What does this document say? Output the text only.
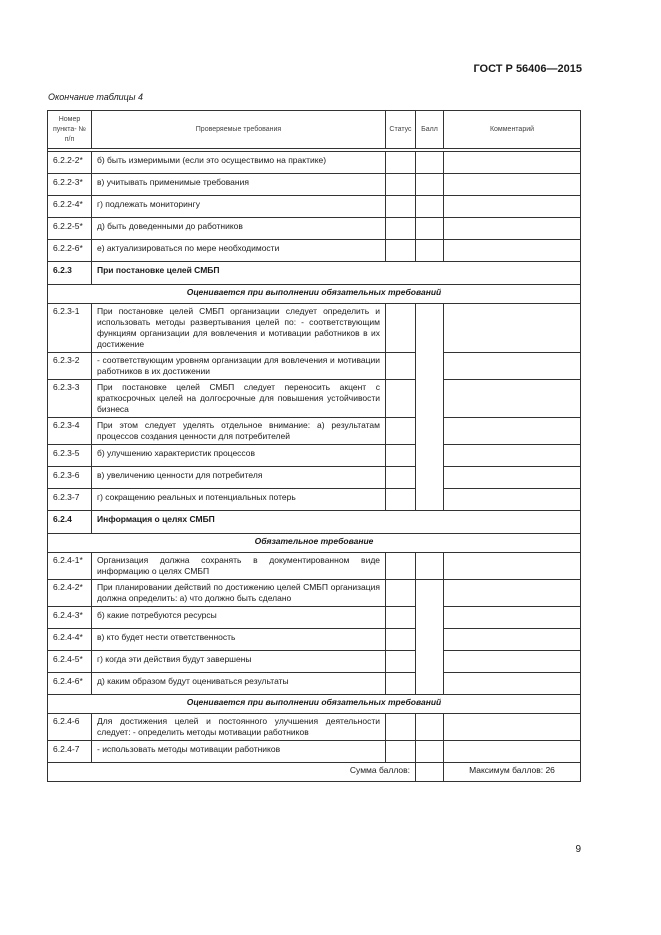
ГОСТ Р 56406—2015
Окончание таблицы 4
Номер пункта- № п/п	Проверяемые требования	Статус	Балл	Комментарий

6.2.2-2*	б) быть измеримыми (если это осуществимо на практике)			
6.2.2-3*	в) учитывать применимые требования			
6.2.2-4*	г) подлежать мониторингу			
6.2.2-5*	д) быть доведенными до работников			
6.2.2-6*	е) актуализироваться по мере необходимости			
6.2.3	При постановке целей СМБП			
Оценивается при выполнении обязательных требований				
6.2.3-1	При постановке целей СМБП организации следует определить и использовать методы развертывания целей по: - соответствующим функциям организации для вовлечения и мотивации работников в их достижение			
6.2.3-2	- соответствующим уровням организации для вовлечения и мотивации работников в их достижении			
6.2.3-3	При постановке целей СМБП следует переносить акцент с краткосрочных целей на долгосрочные для повышения устойчивости бизнеса			
6.2.3-4	При этом следует уделять отдельное внимание: а) результатам процессов создания ценности для потребителей			
6.2.3-5	б) улучшению характеристик процессов			
6.2.3-6	в) увеличению ценности для потребителя			
6.2.3-7	г) сокращению реальных и потенциальных потерь			
6.2.4	Информация о целях СМБП			
Обязательное требование				
6.2.4-1*	Организация должна сохранять в документированном виде информацию о целях СМБП			
6.2.4-2*	При планировании действий по достижению целей СМБП организация должна определить: а) что должно быть сделано			
6.2.4-3*	б) какие потребуются ресурсы			
6.2.4-4*	в) кто будет нести ответственность			
6.2.4-5*	г) когда эти действия будут завершены			
6.2.4-6*	д) каким образом будут оцениваться результаты			
Оценивается при выполнении обязательных требований				
6.2.4-6	Для достижения целей и постоянного улучшения деятельности следует: - определить методы мотивации работников			
6.2.4-7	- использовать методы мотивации работников			
Сумма баллов:				Максимум баллов: 26
9
